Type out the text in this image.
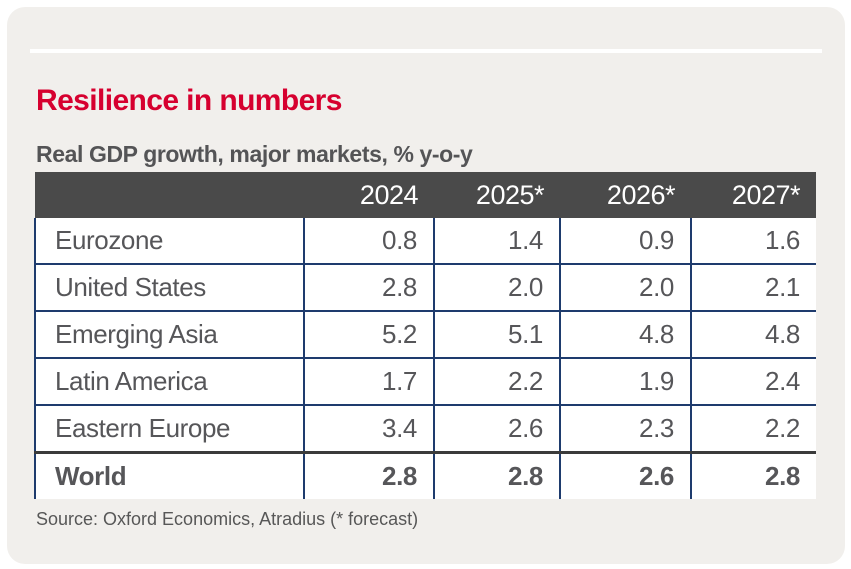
Resilience in numbers
Real GDP growth, major markets, % y-o-y
	2024	2025*	2026*	2027*
Eurozone	0.8	1.4	0.9	1.6
United States	2.8	2.0	2.0	2.1
Emerging Asia	5.2	5.1	4.8	4.8
Latin America	1.7	2.2	1.9	2.4
Eastern Europe	3.4	2.6	2.3	2.2
World	2.8	2.8	2.6	2.8
Source: Oxford Economics, Atradius (* forecast)
